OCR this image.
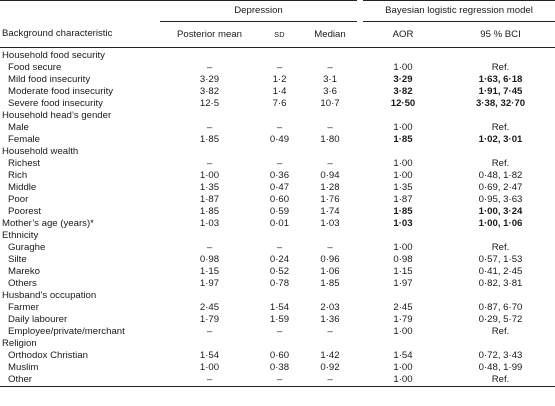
	Depression			Bayesian logistic regression model	
Background characteristic	Posterior mean	SD	Median	AOR	95 % BCI
Household food security					
Food secure	–	–	–	1·00	Ref.
Mild food insecurity	3·29	1·2	3·1	3·29	1·63, 6·18
Moderate food insecurity	3·82	1·4	3·6	3·82	1·91, 7·45
Severe food insecurity	12·5	7·6	10·7	12·50	3·38, 32·70
Household head’s gender					
Male	–	–	–	1·00	Ref.
Female	1·85	0·49	1·80	1·85	1·02, 3·01
Household wealth					
Richest	–	–	–	1·00	Ref.
Rich	1·00	0·36	0·94	1·00	0·48, 1·82
Middle	1·35	0·47	1·28	1·35	0·69, 2·47
Poor	1·87	0·60	1·76	1·87	0·95, 3·63
Poorest	1·85	0·59	1·74	1·85	1·00, 3·24
Mother’s age (years)*	1·03	0·01	1·03	1·03	1·00, 1·06
Ethnicity					
Guraghe	–	–	–	1·00	Ref.
Silte	0·98	0·24	0·96	0·98	0·57, 1·53
Mareko	1·15	0·52	1·06	1·15	0·41, 2·45
Others	1·97	0·78	1·85	1·97	0·82, 3·81
Husband’s occupation					
Farmer	2·45	1·54	2·03	2·45	0·87, 6·70
Daily labourer	1·79	1·59	1·36	1·79	0·29, 5·72
Employee/private/merchant	–	–	–	1·00	Ref.
Religion					
Orthodox Christian	1·54	0·60	1·42	1·54	0·72, 3·43
Muslim	1·00	0·38	0·92	1·00	0·48, 1·99
Other	–	–	–	1·00	Ref.
